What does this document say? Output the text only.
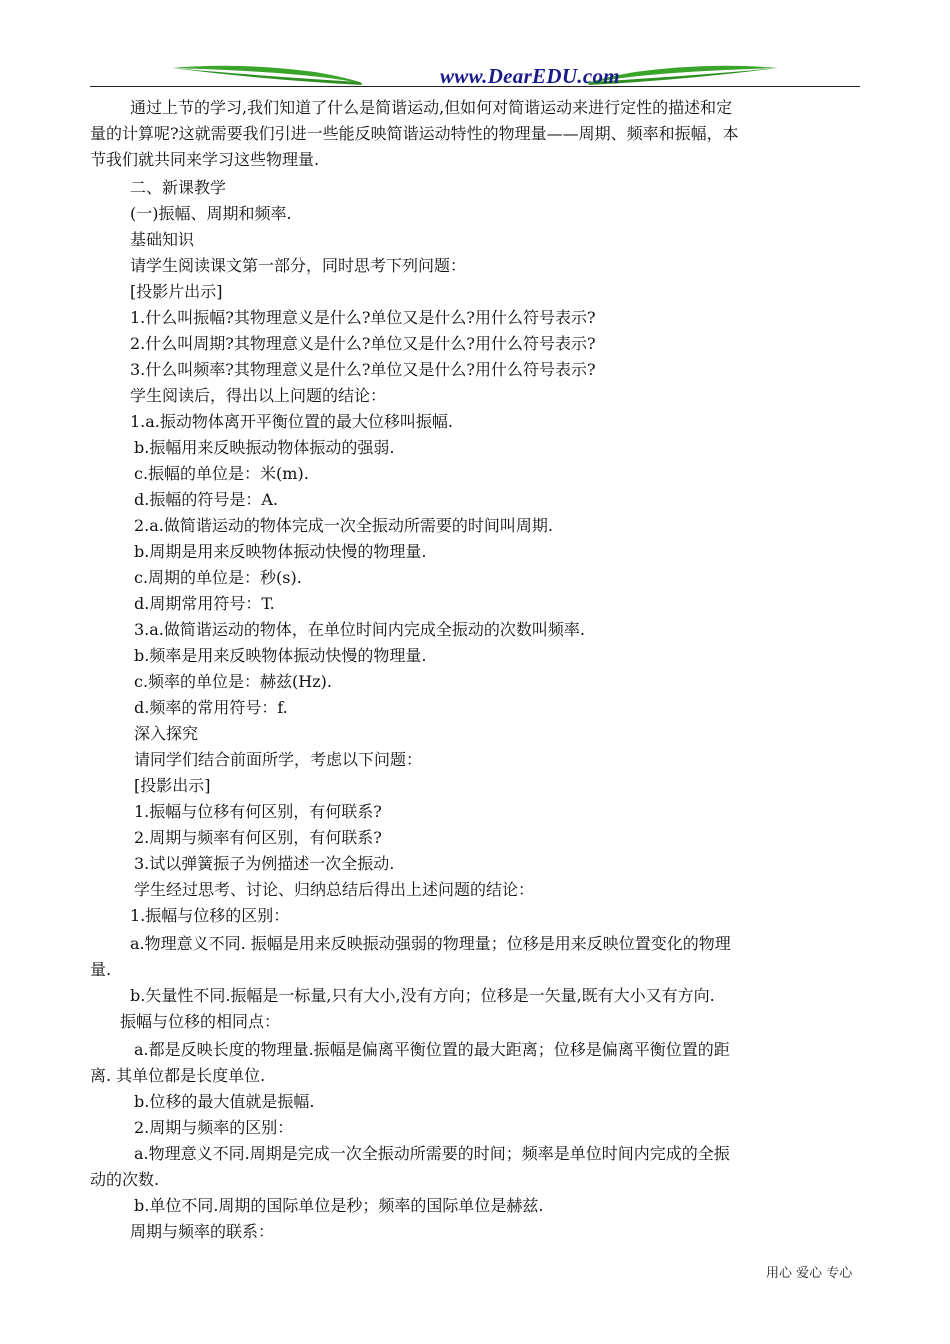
www.DearEDU.com
通过上节的学习,我们知道了什么是简谐运动,但如何对简谐运动来进行定性的描述和定
量的计算呢?这就需要我们引进一些能反映简谐运动特性的物理量——周期、频率和振幅，本
节我们就共同来学习这些物理量.
二、新课教学
(一)振幅、周期和频率.
基础知识
请学生阅读课文第一部分，同时思考下列问题：
[投影片出示]
1.什么叫振幅?其物理意义是什么?单位又是什么?用什么符号表示?
2.什么叫周期?其物理意义是什么?单位又是什么?用什么符号表示?
3.什么叫频率?其物理意义是什么?单位又是什么?用什么符号表示?
学生阅读后，得出以上问题的结论：
1.a.振动物体离开平衡位置的最大位移叫振幅.
b.振幅用来反映振动物体振动的强弱.
c.振幅的单位是：米(m).
d.振幅的符号是：A.
2.a.做简谐运动的物体完成一次全振动所需要的时间叫周期.
b.周期是用来反映物体振动快慢的物理量.
c.周期的单位是：秒(s).
d.周期常用符号：T.
3.a.做简谐运动的物体，在单位时间内完成全振动的次数叫频率.
b.频率是用来反映物体振动快慢的物理量.
c.频率的单位是：赫兹(Hz).
d.频率的常用符号：f.
深入探究
请同学们结合前面所学，考虑以下问题：
[投影出示]
1.振幅与位移有何区别，有何联系?
2.周期与频率有何区别，有何联系?
3.试以弹簧振子为例描述一次全振动.
学生经过思考、讨论、归纳总结后得出上述问题的结论：
1.振幅与位移的区别：
a.物理意义不同. 振幅是用来反映振动强弱的物理量；位移是用来反映位置变化的物理
量.
b.矢量性不同.振幅是一标量,只有大小,没有方向；位移是一矢量,既有大小又有方向.
振幅与位移的相同点：
a.都是反映长度的物理量.振幅是偏离平衡位置的最大距离；位移是偏离平衡位置的距
离. 其单位都是长度单位.
b.位移的最大值就是振幅.
2.周期与频率的区别：
a.物理意义不同.周期是完成一次全振动所需要的时间；频率是单位时间内完成的全振
动的次数.
b.单位不同.周期的国际单位是秒；频率的国际单位是赫兹.
周期与频率的联系：
用心 爱心 专心
